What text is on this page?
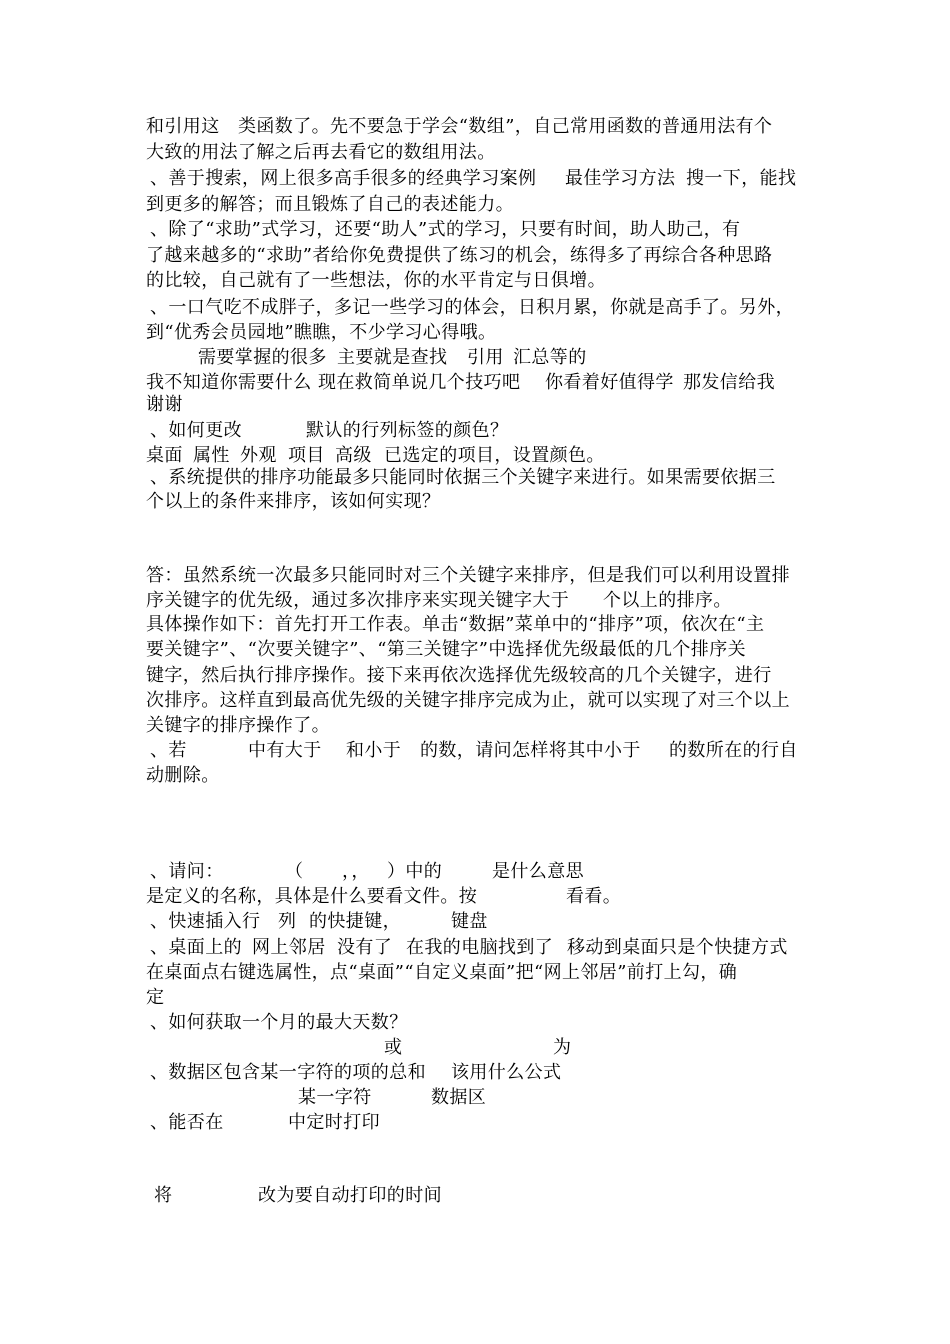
和引用这

类函数了。先不要急于学会“数组”，自己常用函数的普通用法有个

大致的用法了解之后再去看它的数组用法。

、善于搜索，网上很多高手很多的经典学习案例

最佳学习方法

搜一下，能找

到更多的解答；而且锻炼了自己的表述能力。

、除了“求助”式学习，还要“助人”式的学习，只要有时间，助人助己，有

了越来越多的“求助”者给你免费提供了练习的机会，练得多了再综合各种思路

的比较，自己就有了一些想法，你的水平肯定与日俱增。

、一口气吃不成胖子，多记一些学习的体会，日积月累，你就是高手了。另外，

到“优秀会员园地”瞧瞧，不少学习心得哦。

需要掌握的很多

主要就是查找

引用

汇总等的

我不知道你需要什么

现在救简单说几个技巧吧

你看着好值得学

那发信给我

谢谢

、如何更改

	默认的行列标签的颜色？

桌面

属性

外观

项目

高级

已选定的项目，设置颜色。

、系统提供的排序功能最多只能同时依据三个关键字来进行。如果需要依据三

个以上的条件来排序，该如何实现？

答：虽然系统一次最多只能同时对三个关键字来排序，但是我们可以利用设置排

序关键字的优先级，通过多次排序来实现关键字大于

个以上的排序。

具体操作如下：首先打开工作表。单击“数据”菜单中的“排序”项，依次在“主

要关键字”、“次要关键字”、“第三关键字”中选择优先级最低的几个排序关

键字，然后执行排序操作。接下来再依次选择优先级较高的几个关键字，进行

次排序。这样直到最高优先级的关键字排序完成为止，就可以实现了对三个以上

关键字的排序操作了。

、若

	中有大于

和小于

的数，请问怎样将其中小于

的数所在的行自

动删除。

、请问：

	（

，，

）中的

	是什么意思

是定义的名称，具体是什么要看文件。按

	看看。

、快速插入行

列

的快捷键，

	键盘

、桌面上的

网上邻居

没有了

在我的电脑找到了

移动到桌面只是个快捷方式

在桌面点右键选属性，点“桌面”“自定义桌面”把“网上邻居”前打上勾，确

定

、如何获取一个月的最大天数？

或

	为

、数据区包含某一字符的项的总和

该用什么公式

某一字符

	数据区

、能否在

	中定时打印

将

	改为要自动打印的时间
